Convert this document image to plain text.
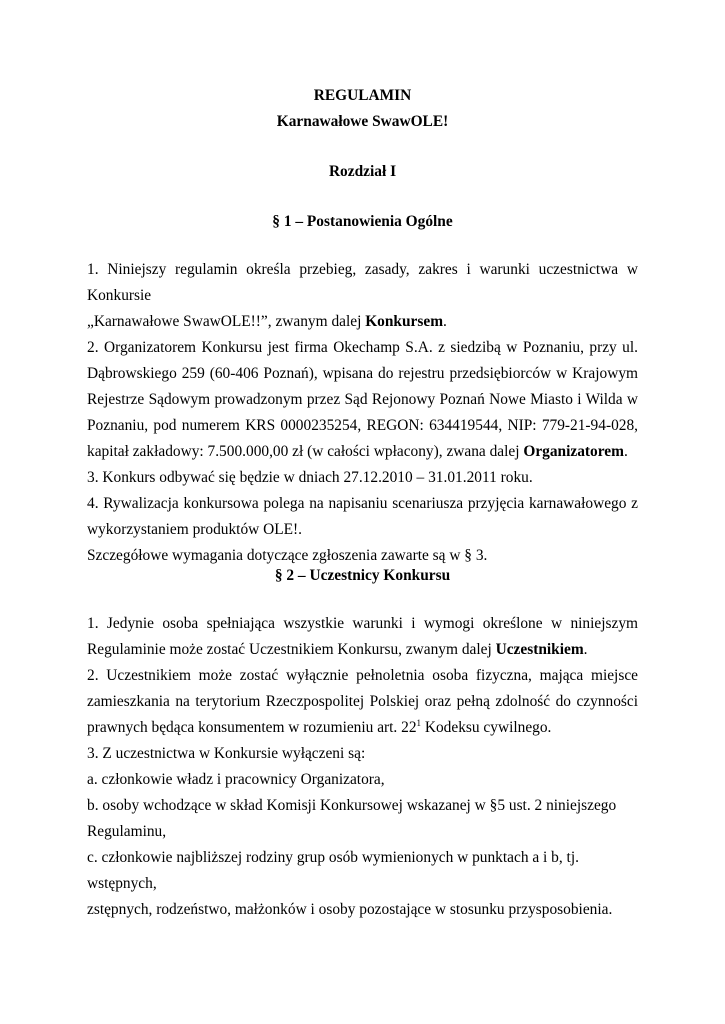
REGULAMIN
Karnawałowe SwawOLE!
Rozdział I
§ 1 – Postanowienia Ogólne

1. Niniejszy regulamin określa przebieg, zasady, zakres i warunki uczestnictwa w Konkursie

„Karnawałowe SwawOLE!!”, zwanym dalej Konkursem.

2. Organizatorem Konkursu jest firma Okechamp S.A. z siedzibą w Poznaniu, przy ul.

Dąbrowskiego 259 (60-406 Poznań), wpisana do rejestru przedsiębiorców w Krajowym

Rejestrze Sądowym prowadzonym przez Sąd Rejonowy Poznań Nowe Miasto i Wilda w

Poznaniu, pod numerem KRS 0000235254, REGON: 634419544, NIP: 779-21-94-028,

kapitał zakładowy: 7.500.000,00 zł (w całości wpłacony), zwana dalej Organizatorem.

3. Konkurs odbywać się będzie w dniach 27.12.2010 – 31.01.2011 roku.

4. Rywalizacja konkursowa polega na napisaniu scenariusza przyjęcia karnawałowego z

wykorzystaniem produktów OLE!.

Szczegółowe wymagania dotyczące zgłoszenia zawarte są w § 3.

§ 2 – Uczestnicy Konkursu

1. Jedynie osoba spełniająca wszystkie warunki i wymogi określone w niniejszym

Regulaminie może zostać Uczestnikiem Konkursu, zwanym dalej Uczestnikiem.

2. Uczestnikiem może zostać wyłącznie pełnoletnia osoba fizyczna, mająca miejsce

zamieszkania na terytorium Rzeczpospolitej Polskiej oraz pełną zdolność do czynności

prawnych będąca konsumentem w rozumieniu art. $22^1$ Kodeksu cywilnego.

3. Z uczestnictwa w Konkursie wyłączeni są:

a. członkowie władz i pracownicy Organizatora,

b. osoby wchodzące w skład Komisji Konkursowej wskazanej w §5 ust. 2 niniejszego

Regulaminu,

c. członkowie najbliższej rodziny grup osób wymienionych w punktach a i b, tj. wstępnych,

zstępnych, rodzeństwo, małżonków i osoby pozostające w stosunku przysposobienia.
